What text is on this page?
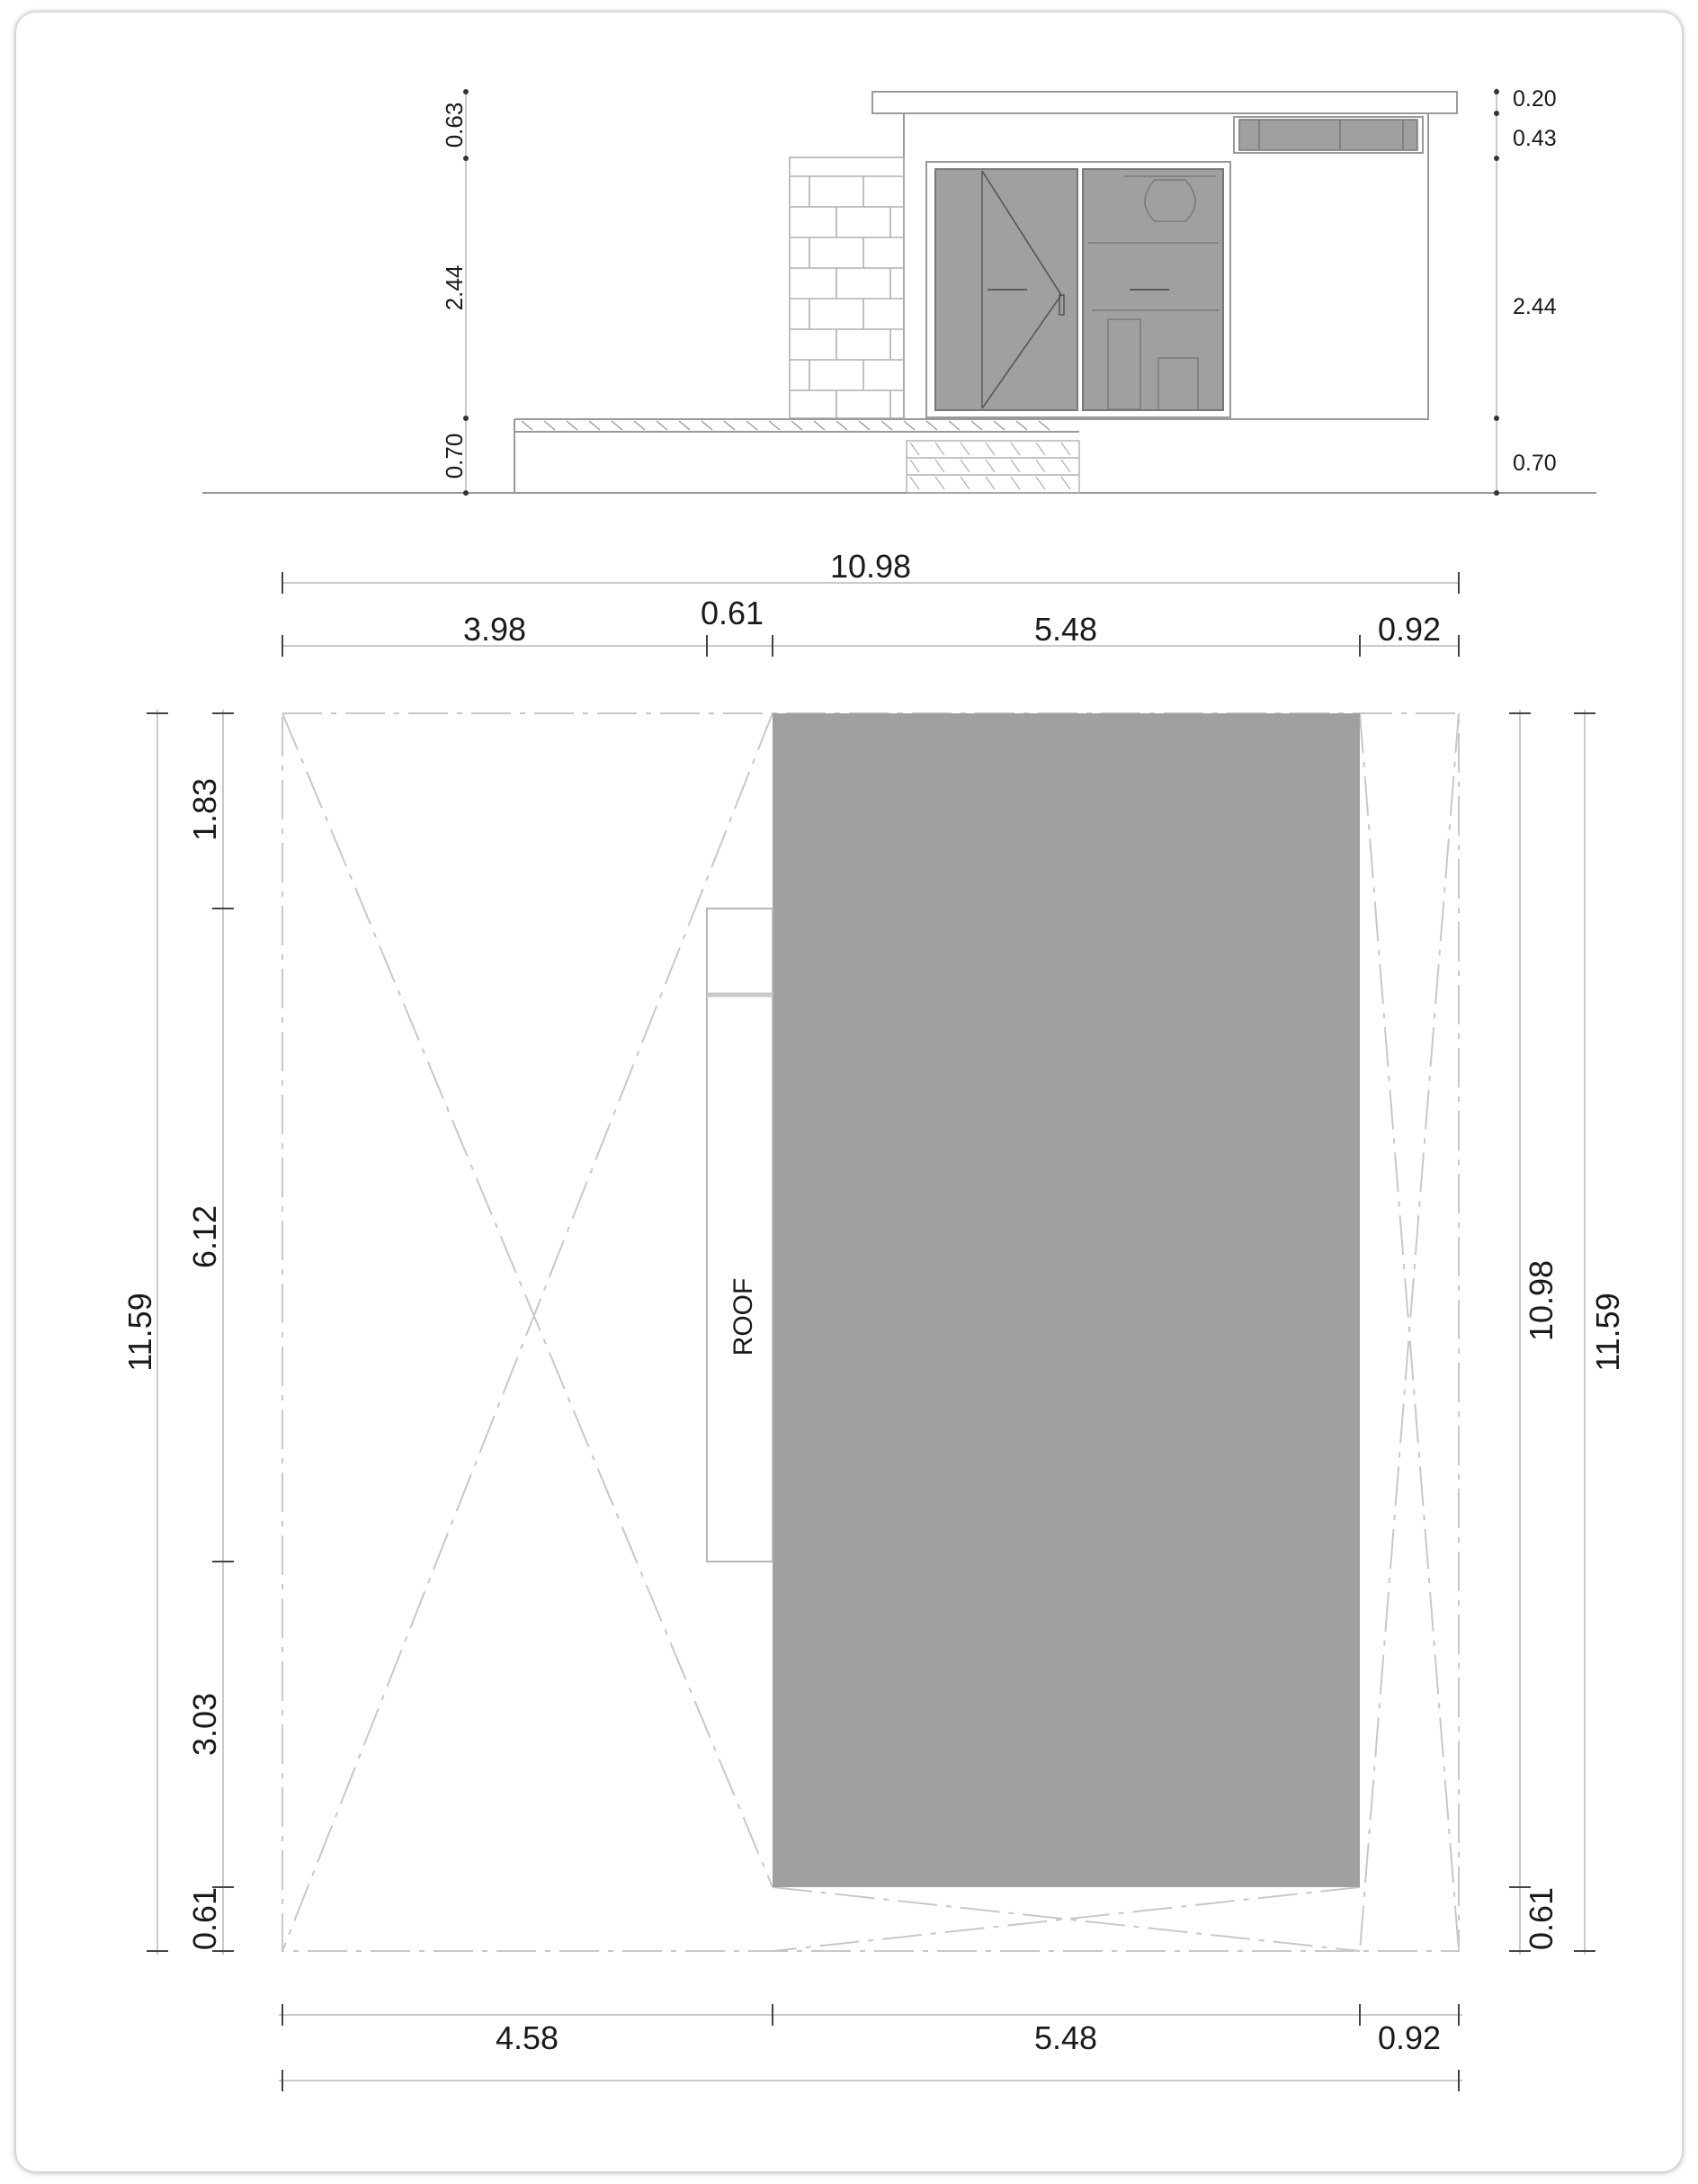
0.63
2.44
0.70
0.20
0.43
2.44
0.70
ROOF
10.98
3.98	0.61	5.48	0.92
11.59
1.83
6.12
3.03
0.61
10.98
0.61
11.59
4.58	5.48	0.92
